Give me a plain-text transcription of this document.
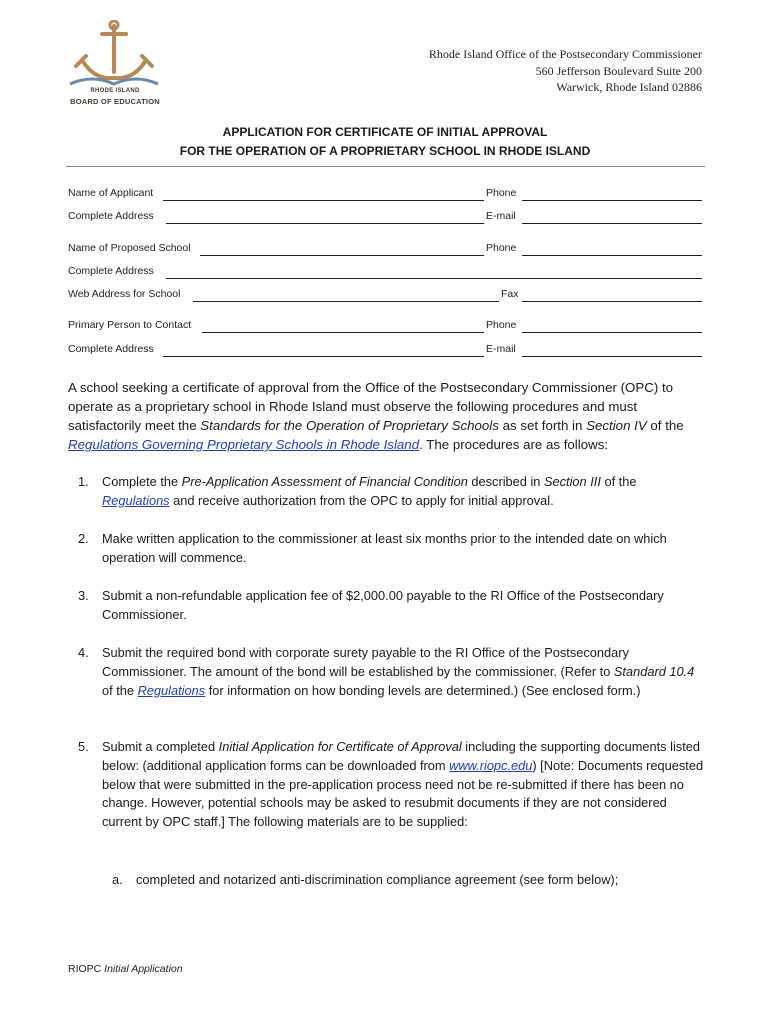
RHODE ISLAND
BOARD OF EDUCATION
Rhode Island Office of the Postsecondary Commissioner
560 Jefferson Boulevard Suite 200
Warwick, Rhode Island 02886
APPLICATION FOR CERTIFICATE OF INITIAL APPROVAL
FOR THE OPERATION OF A PROPRIETARY SCHOOL IN RHODE ISLAND
Name of Applicant	Phone
Complete Address	E-mail
Name of Proposed School	Phone
Complete Address
Web Address for School	Fax
Primary Person to Contact	Phone
Complete Address	E-mail
A school seeking a certificate of approval from the Office of the Postsecondary Commissioner (OPC) to operate as a proprietary school in Rhode Island must observe the following procedures and must satisfactorily meet the Standards for the Operation of Proprietary Schools as set forth in Section IV of the Regulations Governing Proprietary Schools in Rhode Island. The procedures are as follows:
1. Complete the Pre-Application Assessment of Financial Condition described in Section III of the Regulations and receive authorization from the OPC to apply for initial approval.
2. Make written application to the commissioner at least six months prior to the intended date on which operation will commence.
3. Submit a non-refundable application fee of $2,000.00 payable to the RI Office of the Postsecondary Commissioner.
4. Submit the required bond with corporate surety payable to the RI Office of the Postsecondary Commissioner. The amount of the bond will be established by the commissioner. (Refer to Standard 10.4 of the Regulations for information on how bonding levels are determined.) (See enclosed form.)
5. Submit a completed Initial Application for Certificate of Approval including the supporting documents listed below: (additional application forms can be downloaded from www.riopc.edu) [Note: Documents requested below that were submitted in the pre-application process need not be re-submitted if there has been no change. However, potential schools may be asked to resubmit documents if they are not considered current by OPC staff.] The following materials are to be supplied:
a. completed and notarized anti-discrimination compliance agreement (see form below);
RIOPC Initial Application
